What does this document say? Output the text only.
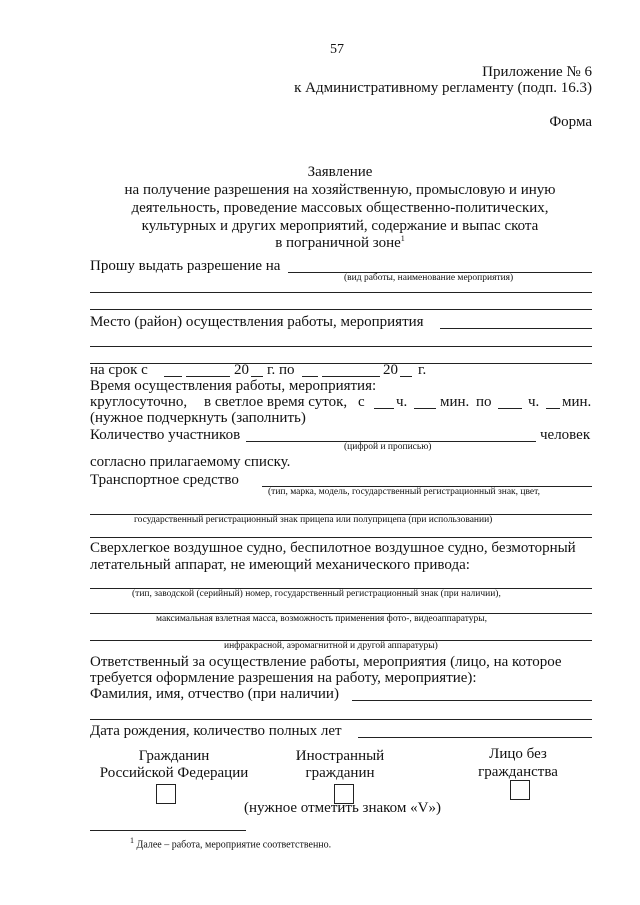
57
Приложение № 6
к Административному регламенту (подп. 16.3)
Форма
Заявление
на получение разрешения на хозяйственную, промысловую и иную
деятельность, проведение массовых общественно-политических,
культурных и других мероприятий, содержание и выпас скота
в пограничной зоне$^1$
Прошу выдать разрешение на
(вид работы, наименование мероприятия)
Место (район) осуществления работы, мероприятия
на срок с	20 г. по	20 г.
Время осуществления работы, мероприятия:
круглосуточно, в светлое время суток, с ч. мин. по ч. мин.
(нужное подчеркнуть (заполнить)
Количество участников	человек
(цифрой и прописью)
согласно прилагаемому списку.
Транспортное средство
(тип, марка, модель, государственный регистрационный знак, цвет,
государственный регистрационный знак прицепа или полуприцепа (при использовании)
Сверхлегкое воздушное судно, беспилотное воздушное судно, безмоторный
летательный аппарат, не имеющий механического привода:
(тип, заводской (серийный) номер, государственный регистрационный знак (при наличии),
максимальная взлетная масса, возможность применения фото-, видеоаппаратуры,
инфракрасной, аэромагнитной и другой аппаратуры)
Ответственный за осуществление работы, мероприятия (лицо, на которое
требуется оформление разрешения на работу, мероприятие):
Фамилия, имя, отчество (при наличии)
Дата рождения, количество полных лет
Гражданин
Российской Федерации
Иностранный
гражданин
Лицо без
гражданства
(нужное отметить знаком «V»)
$^1$ Далее – работа, мероприятие соответственно.
